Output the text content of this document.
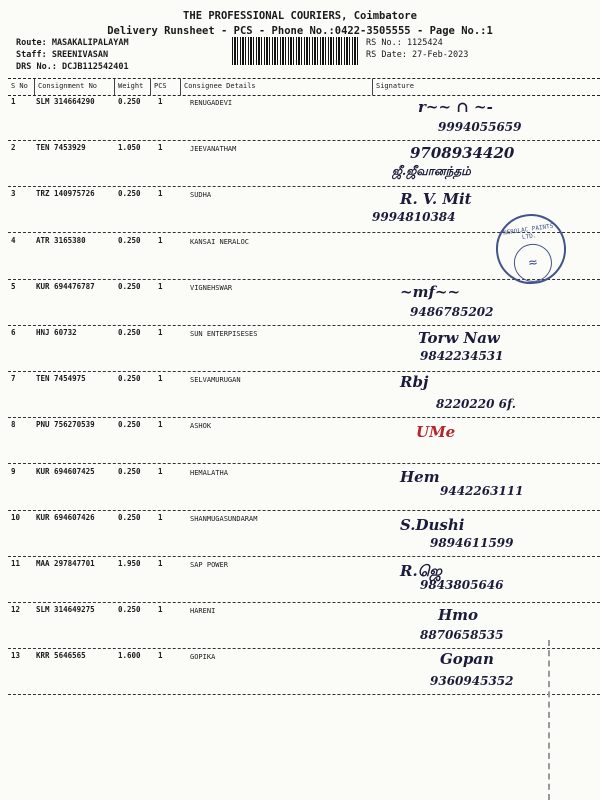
THE PROFESSIONAL COURIERS, Coimbatore
Delivery Runsheet - PCS - Phone No.:0422-3505555 - Page No.:1
Route: MASAKALIPALAYAM
Staff: SREENIVASAN
DRS No.: DCJB112542401
RS No.: 1125424
RS Date: 27-Feb-2023
S No Consignment No	Weight PCS Consignee Details	Signature
1	SLM 314664290	0.250 1	RENUGADEVI	r~~ ∩ ~-
9994055659
2	TEN 7453929	1.050 1	JEEVANATHAM	9708934420
ஜீ.ஜீவானந்தம்
3	TRZ 140975726	0.250 1	SUDHA	R. V. Mit
9994810384
4	ATR 3165380	0.250 1	KANSAI NERALOC
5	KUR 694476787	0.250 1	VIGNEHSWAR	~mf~~
9486785202
6	HNJ 60732	0.250 1	SUN ENTERPISESES	Torw Naw
9842234531
7	TEN 7454975	0.250 1	SELVAMURUGAN	Rbj
8220220 6f.
8	PNU 756270539	0.250 1	ASHOK	UMe
9	KUR 694607425	0.250 1	HEMALATHA	Hem
9442263111
10 KUR 694607426	0.250 1	SHANMUGASUNDARAM	S.Dushi
9894611599
11 MAA 297847701	1.950 1	SAP POWER	R.ஜெ
9843805646
12 SLM 314649275	0.250 1	HARENI	Hmo
8870658535
13 KRR 5646565	1.600 1	GOPIKA	Gopan
9360945352
NEROLAC PAINTS LTD.
≈
